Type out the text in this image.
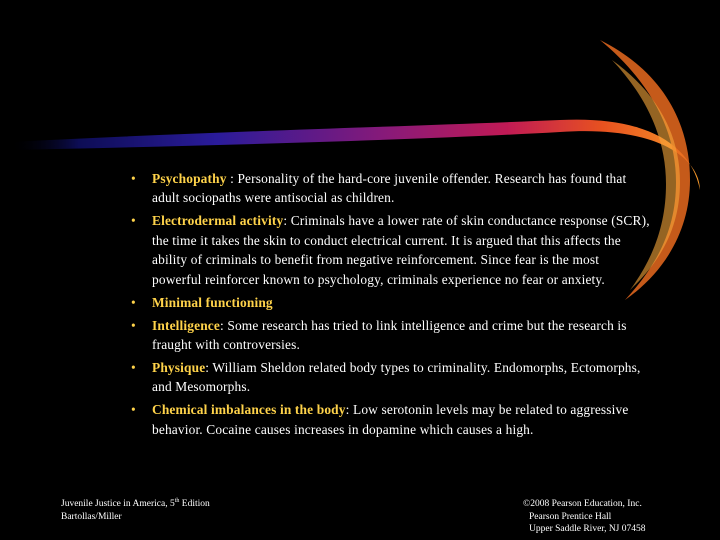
• Psychopathy : Personality of the hard-core juvenile offender. Research has found that adult sociopaths were antisocial as children.
• Electrodermal activity: Criminals have a lower rate of skin conductance response (SCR), the time it takes the skin to conduct electrical current. It is argued that this affects the ability of criminals to benefit from negative reinforcement. Since fear is the most powerful reinforcer known to psychology, criminals experience no fear or anxiety.
• Minimal functioning
• Intelligence: Some research has tried to link intelligence and crime but the research is fraught with controversies.
• Physique: William Sheldon related body types to criminality. Endomorphs, Ectomorphs, and Mesomorphs.
• Chemical imbalances in the body: Low serotonin levels may be related to aggressive behavior. Cocaine causes increases in dopamine which causes a high.
Juvenile Justice in America, 5th Edition
Bartollas/Miller
©2008 Pearson Education, Inc.
Pearson Prentice Hall
Upper Saddle River, NJ 07458
